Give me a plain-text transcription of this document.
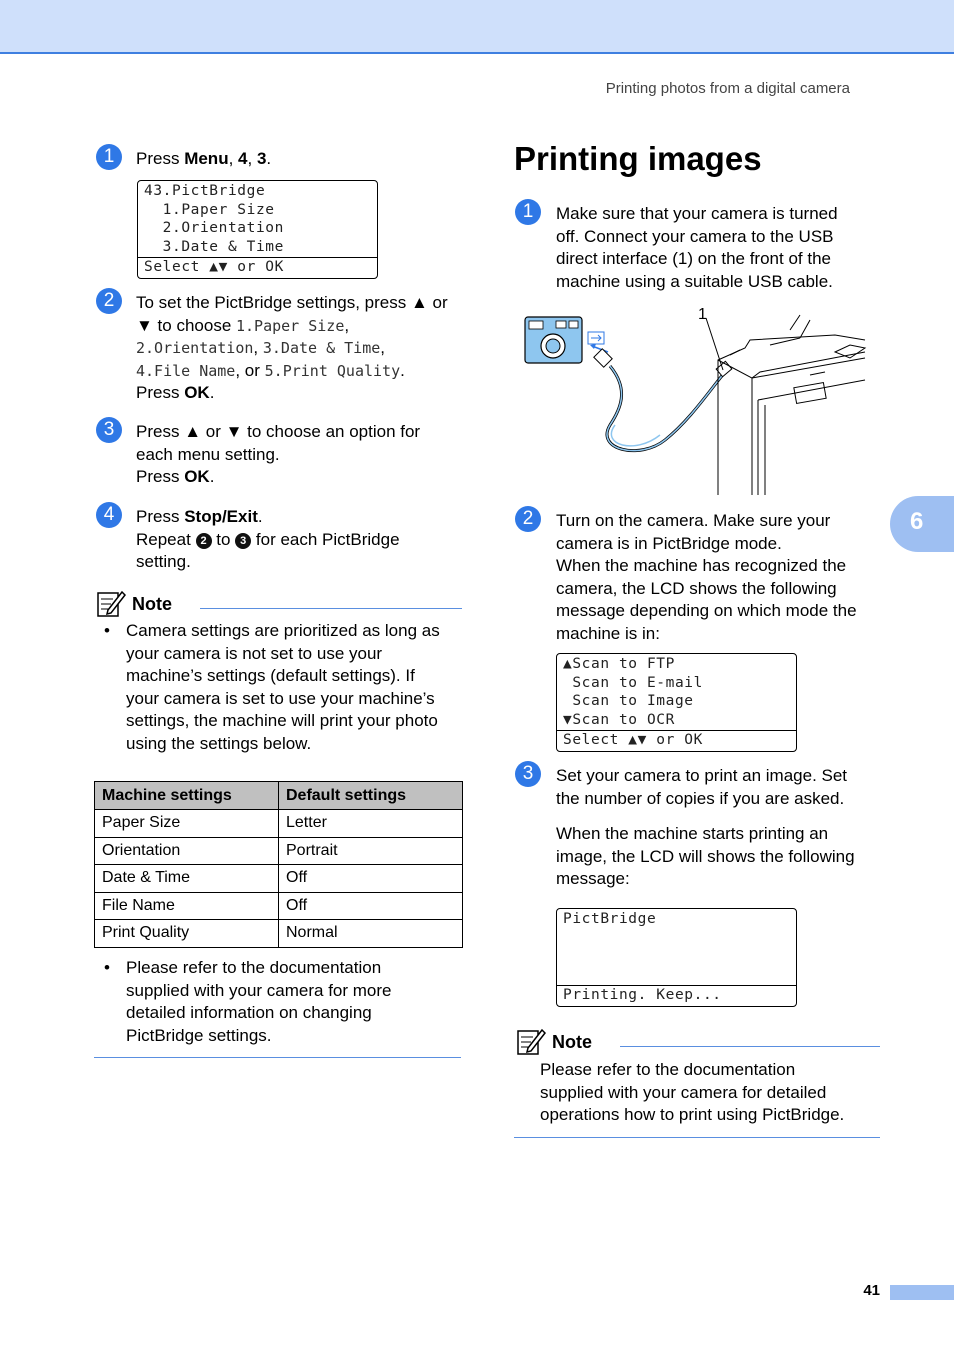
Printing photos from a digital camera
6
1	Press Menu, 4, 3.
43.PictBridge
1.Paper Size
2.Orientation
3.Date & Time
Select ▲▼ or OK
2	To set the PictBridge settings, press ▲ or
▼ to choose 1.Paper Size,
2.Orientation, 3.Date & Time,
4.File Name, or 5.Print Quality.
Press OK.
3	Press ▲ or ▼ to choose an option for
each menu setting.
Press OK.
4	Press Stop/Exit.
Repeat 2 to 3 for each PictBridge
setting.
Note
• Camera settings are prioritized as long as
your camera is not set to use your
machine’s settings (default settings). If
your camera is set to use your machine’s
settings, the machine will print your photo
using the settings below.
Machine settings	Default settings
Paper Size	Letter
Orientation	Portrait
Date & Time	Off
File Name	Off
Print Quality	Normal
• Please refer to the documentation
supplied with your camera for more
detailed information on changing
PictBridge settings.
Printing images
1	Make sure that your camera is turned
off. Connect your camera to the USB
direct interface (1) on the front of the
machine using a suitable USB cable.
1
2	Turn on the camera. Make sure your
camera is in PictBridge mode.
When the machine has recognized the
camera, the LCD shows the following
message depending on which mode the
machine is in:
▲Scan to FTP
Scan to E-mail
Scan to Image
▼Scan to OCR
Select ▲▼ or OK
3	Set your camera to print an image. Set
the number of copies if you are asked.
When the machine starts printing an
image, the LCD will shows the following
message:
PictBridge
Printing. Keep...
Note
Please refer to the documentation
supplied with your camera for detailed
operations how to print using PictBridge.
41
